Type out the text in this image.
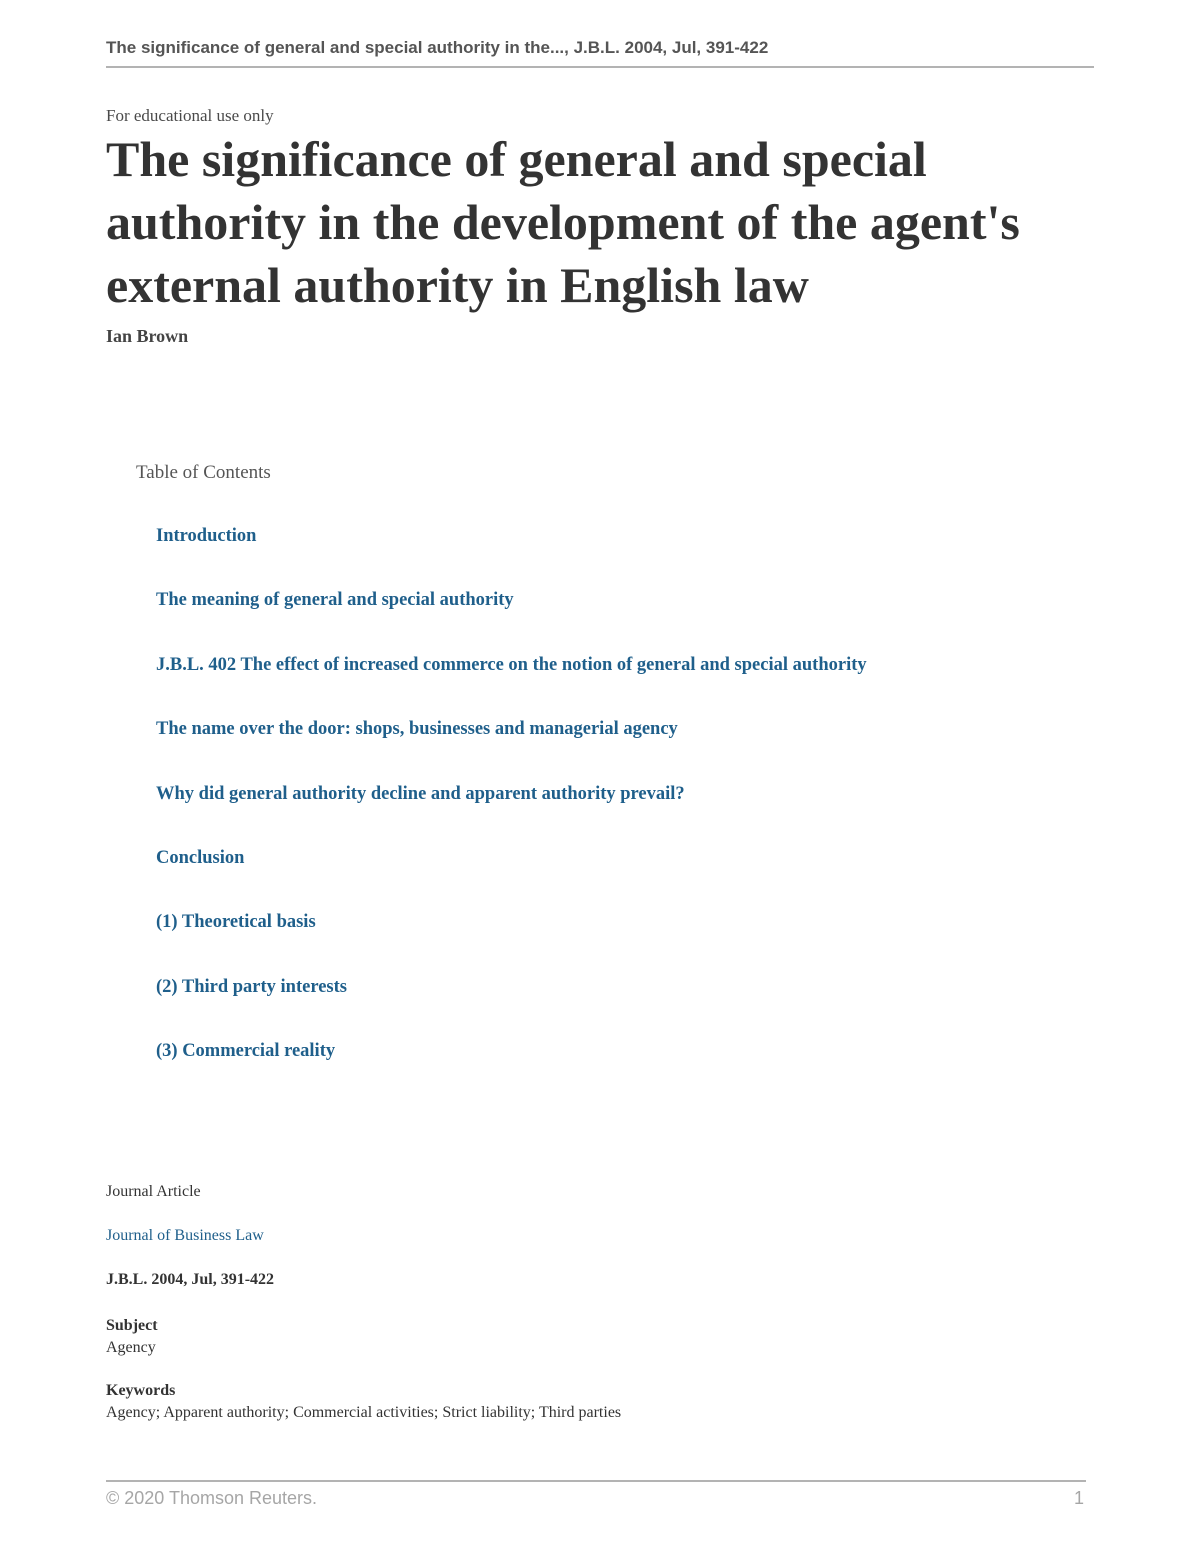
The significance of general and special authority in the..., J.B.L. 2004, Jul, 391-422
For educational use only
The significance of general and special authority in the development of the agent's external authority in English law
Ian Brown
Table of Contents
Introduction
The meaning of general and special authority
J.B.L. 402 The effect of increased commerce on the notion of general and special authority
The name over the door: shops, businesses and managerial agency
Why did general authority decline and apparent authority prevail?
Conclusion
(1) Theoretical basis
(2) Third party interests
(3) Commercial reality
Journal Article
Journal of Business Law
J.B.L. 2004, Jul, 391-422
Subject
Agency
Keywords
Agency; Apparent authority; Commercial activities; Strict liability; Third parties
© 2020 Thomson Reuters.	1
